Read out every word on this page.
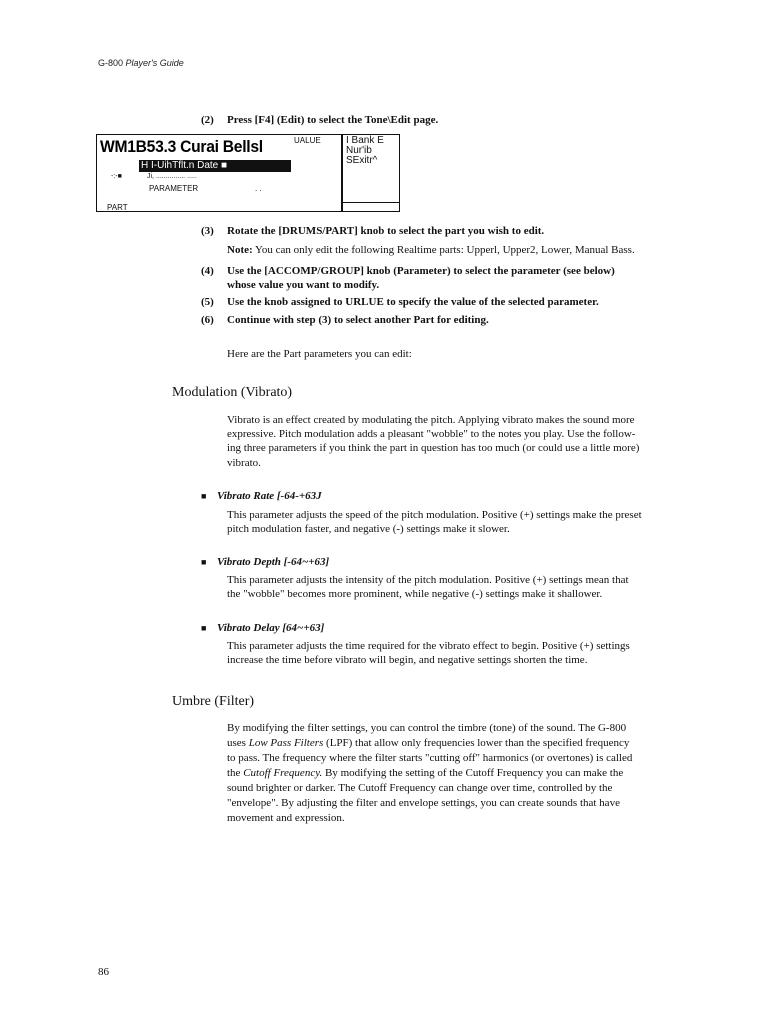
G-800 Player's Guide
(2) Press [F4] (Edit) to select the Tone\Edit page.
WM1B53.3 Curai Bellsl	UALUE
H I-UihTflt.n Date ■
-:-■	Ji, ............... .....
PARAMETER	. .
PART
I Bank E
Nur'ib
SExitr^
(3) Rotate the [DRUMS/PART] knob to select the part you wish to edit.
Note: You can only edit the following Realtime parts: Upperl, Upper2, Lower, Manual Bass.
(4) Use the [ACCOMP/GROUP] knob (Parameter) to select the parameter (see below)
whose value you want to modify.
(5) Use the knob assigned to URLUE to specify the value of the selected parameter.
(6) Continue with step (3) to select another Part for editing.
Here are the Part parameters you can edit:
Modulation (Vibrato)
Vibrato is an effect created by modulating the pitch. Applying vibrato makes the sound more
expressive. Pitch modulation adds a pleasant "wobble" to the notes you play. Use the follow-
ing three parameters if you think the part in question has too much (or could use a little more)
vibrato.
■ Vibrato Rate [-64-+63J
This parameter adjusts the speed of the pitch modulation. Positive (+) settings make the preset
pitch modulation faster, and negative (-) settings make it slower.
■ Vibrato Depth [-64~+63]
This parameter adjusts the intensity of the pitch modulation. Positive (+) settings mean that
the "wobble" becomes more prominent, while negative (-) settings make it shallower.
■ Vibrato Delay [64~+63]
This parameter adjusts the time required for the vibrato effect to begin. Positive (+) settings
increase the time before vibrato will begin, and negative settings shorten the time.
Umbre (Filter)
By modifying the filter settings, you can control the timbre (tone) of the sound. The G-800
uses Low Pass Filters (LPF) that allow only frequencies lower than the specified frequency
to pass. The frequency where the filter starts "cutting off" harmonics (or overtones) is called
the Cutoff Frequency. By modifying the setting of the Cutoff Frequency you can make the
sound brighter or darker. The Cutoff Frequency can change over time, controlled by the
"envelope". By adjusting the filter and envelope settings, you can create sounds that have
movement and expression.
86
